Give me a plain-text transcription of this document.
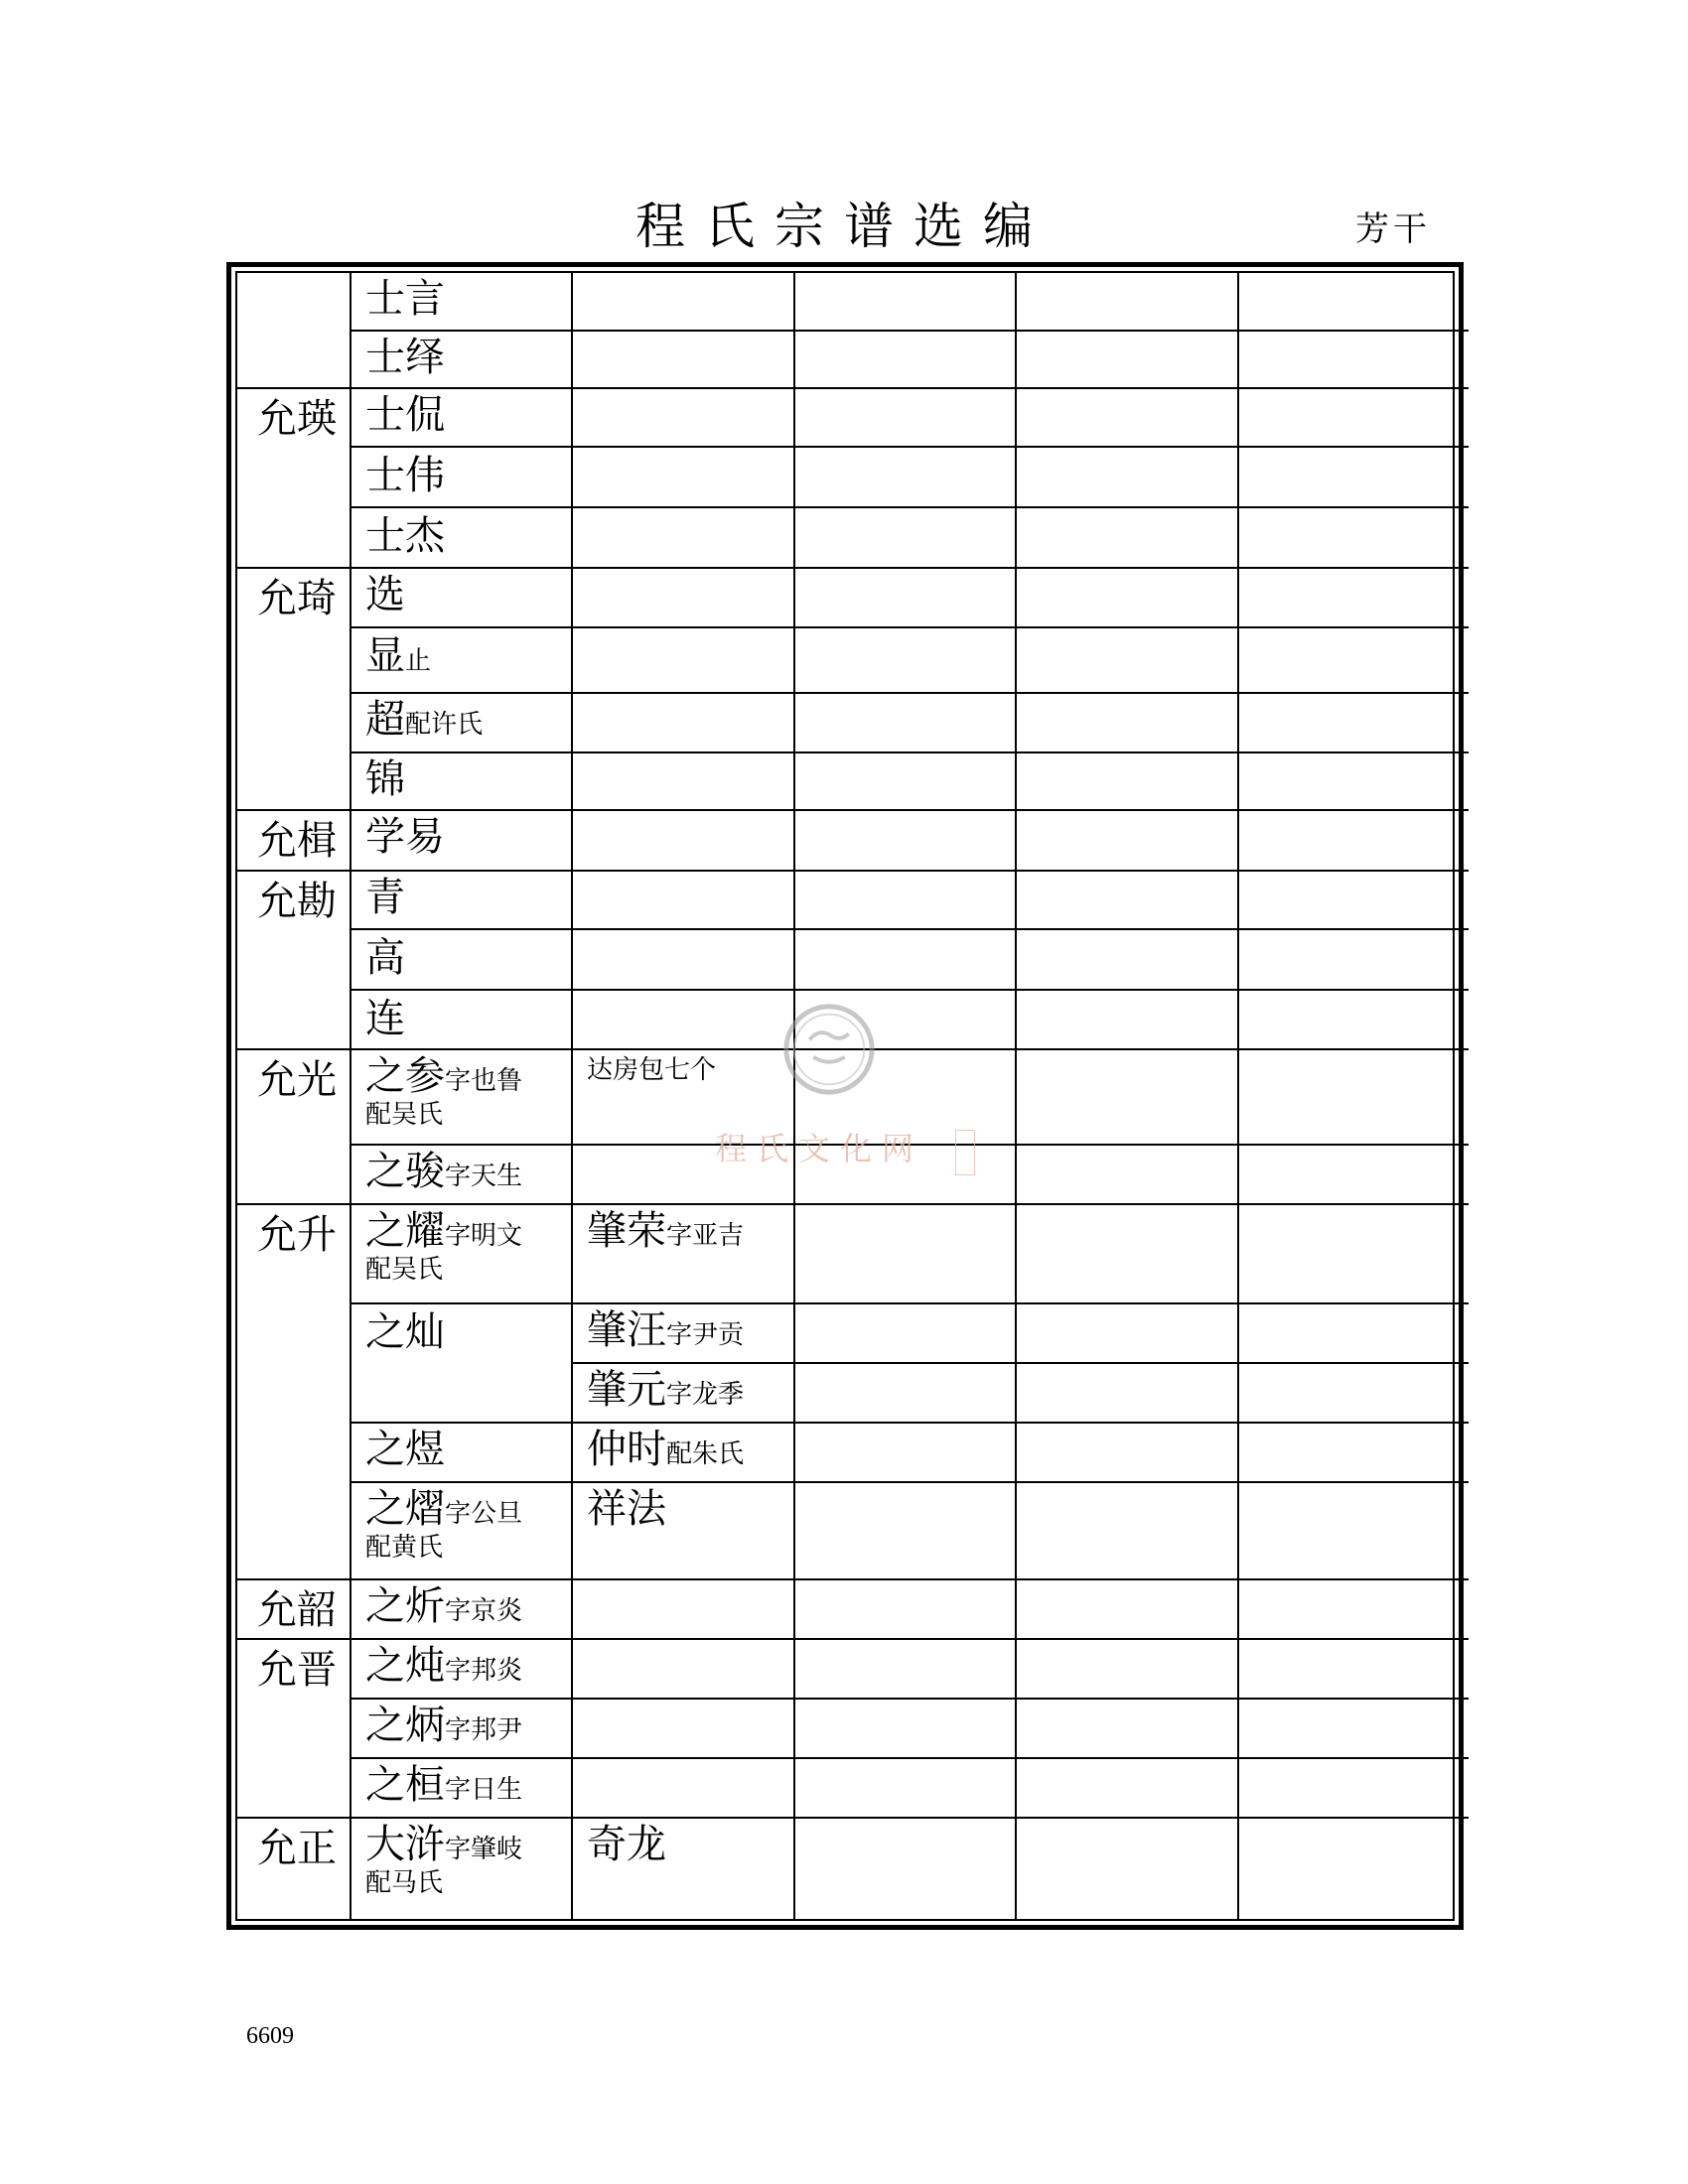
程氏宗谱选编	芳干
允瑛
允琦
允楫
允勘
允光
允升
允韶
允晋
允正
士言
士绎
士侃
士伟
士杰
选
显止
超配许氏
锦
学易
青
高
连
之参字也鲁
配吴氏
之骏字天生
之耀字明文
配吴氏
之灿
之煜
之熠字公旦
配黄氏
之炘字京炎
之炖字邦炎
之炳字邦尹
之桓字日生
大浒字肇岐
配马氏
达房包七个
肇荣字亚吉
肇汪字尹贡
肇元字龙季
仲时配朱氏
祥法
奇龙
程氏文化网
6609
